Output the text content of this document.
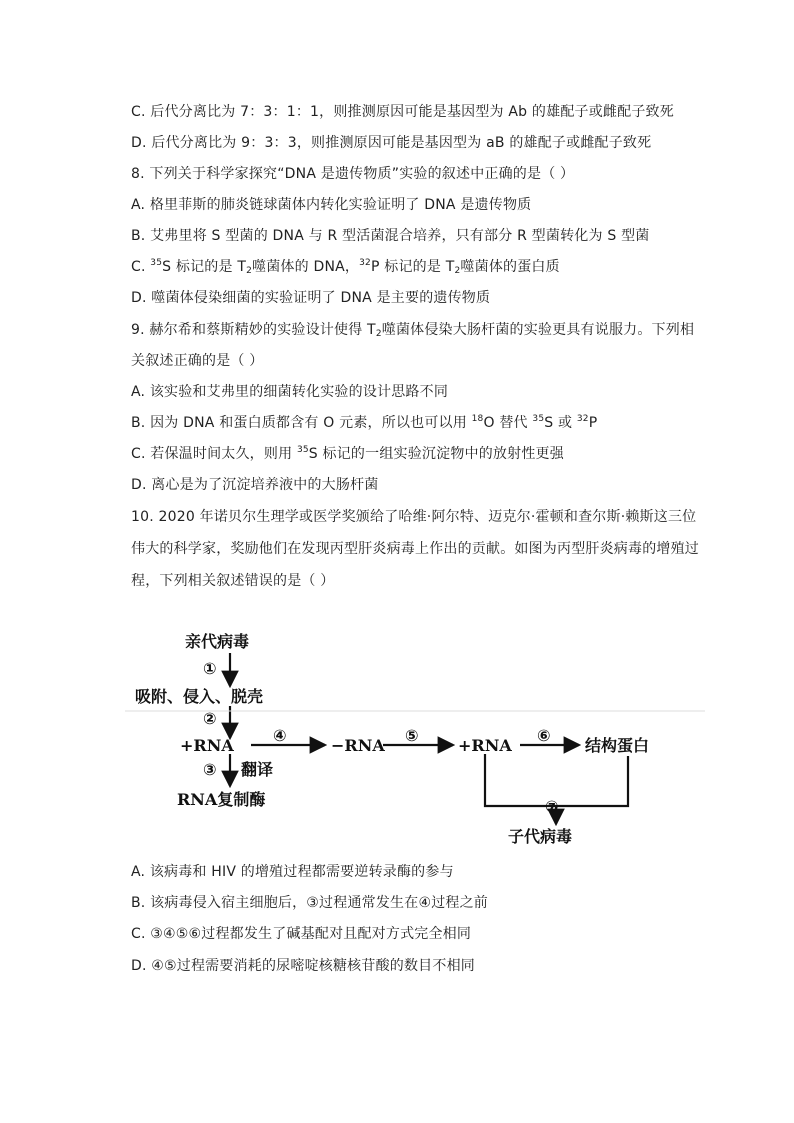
C. 后代分离比为 7：3：1：1，则推测原因可能是基因型为 Ab 的雄配子或雌配子致死
D. 后代分离比为 9：3：3，则推测原因可能是基因型为 aB 的雄配子或雌配子致死
8. 下列关于科学家探究“DNA 是遗传物质”实验的叙述中正确的是（ ）
A. 格里菲斯的肺炎链球菌体内转化实验证明了 DNA 是遗传物质
B. 艾弗里将 S 型菌的 DNA 与 R 型活菌混合培养，只有部分 R 型菌转化为 S 型菌
C. $^{35}$S 标记的是 $T_2$噬菌体的 DNA，$^{32}$P 标记的是 $T_2$噬菌体的蛋白质
D. 噬菌体侵染细菌的实验证明了 DNA 是主要的遗传物质
9. 赫尔希和蔡斯精妙的实验设计使得 $T_2$噬菌体侵染大肠杆菌的实验更具有说服力。下列相
关叙述正确的是（ ）
A. 该实验和艾弗里的细菌转化实验的设计思路不同
B. 因为 DNA 和蛋白质都含有 O 元素，所以也可以用 $^{18}$O 替代 $^{35}$S 或 $^{32}$P
C. 若保温时间太久，则用 $^{35}$S 标记的一组实验沉淀物中的放射性更强
D. 离心是为了沉淀培养液中的大肠杆菌
10. 2020 年诺贝尔生理学或医学奖颁给了哈维·阿尔特、迈克尔·霍顿和查尔斯·赖斯这三位
伟大的科学家，奖励他们在发现丙型肝炎病毒上作出的贡献。如图为丙型肝炎病毒的增殖过
程，下列相关叙述错误的是（ ）
亲代病毒
①
吸附、侵入、脱壳
②
+RNA
④
−RNA
⑤
+RNA
⑥
结构蛋白
③ 翻译
RNA复制酶	⑦
子代病毒
A. 该病毒和 HIV 的增殖过程都需要逆转录酶的参与
B. 该病毒侵入宿主细胞后，③过程通常发生在④过程之前
C. ③④⑤⑥过程都发生了碱基配对且配对方式完全相同
D. ④⑤过程需要消耗的尿嘧啶核糖核苷酸的数目不相同
